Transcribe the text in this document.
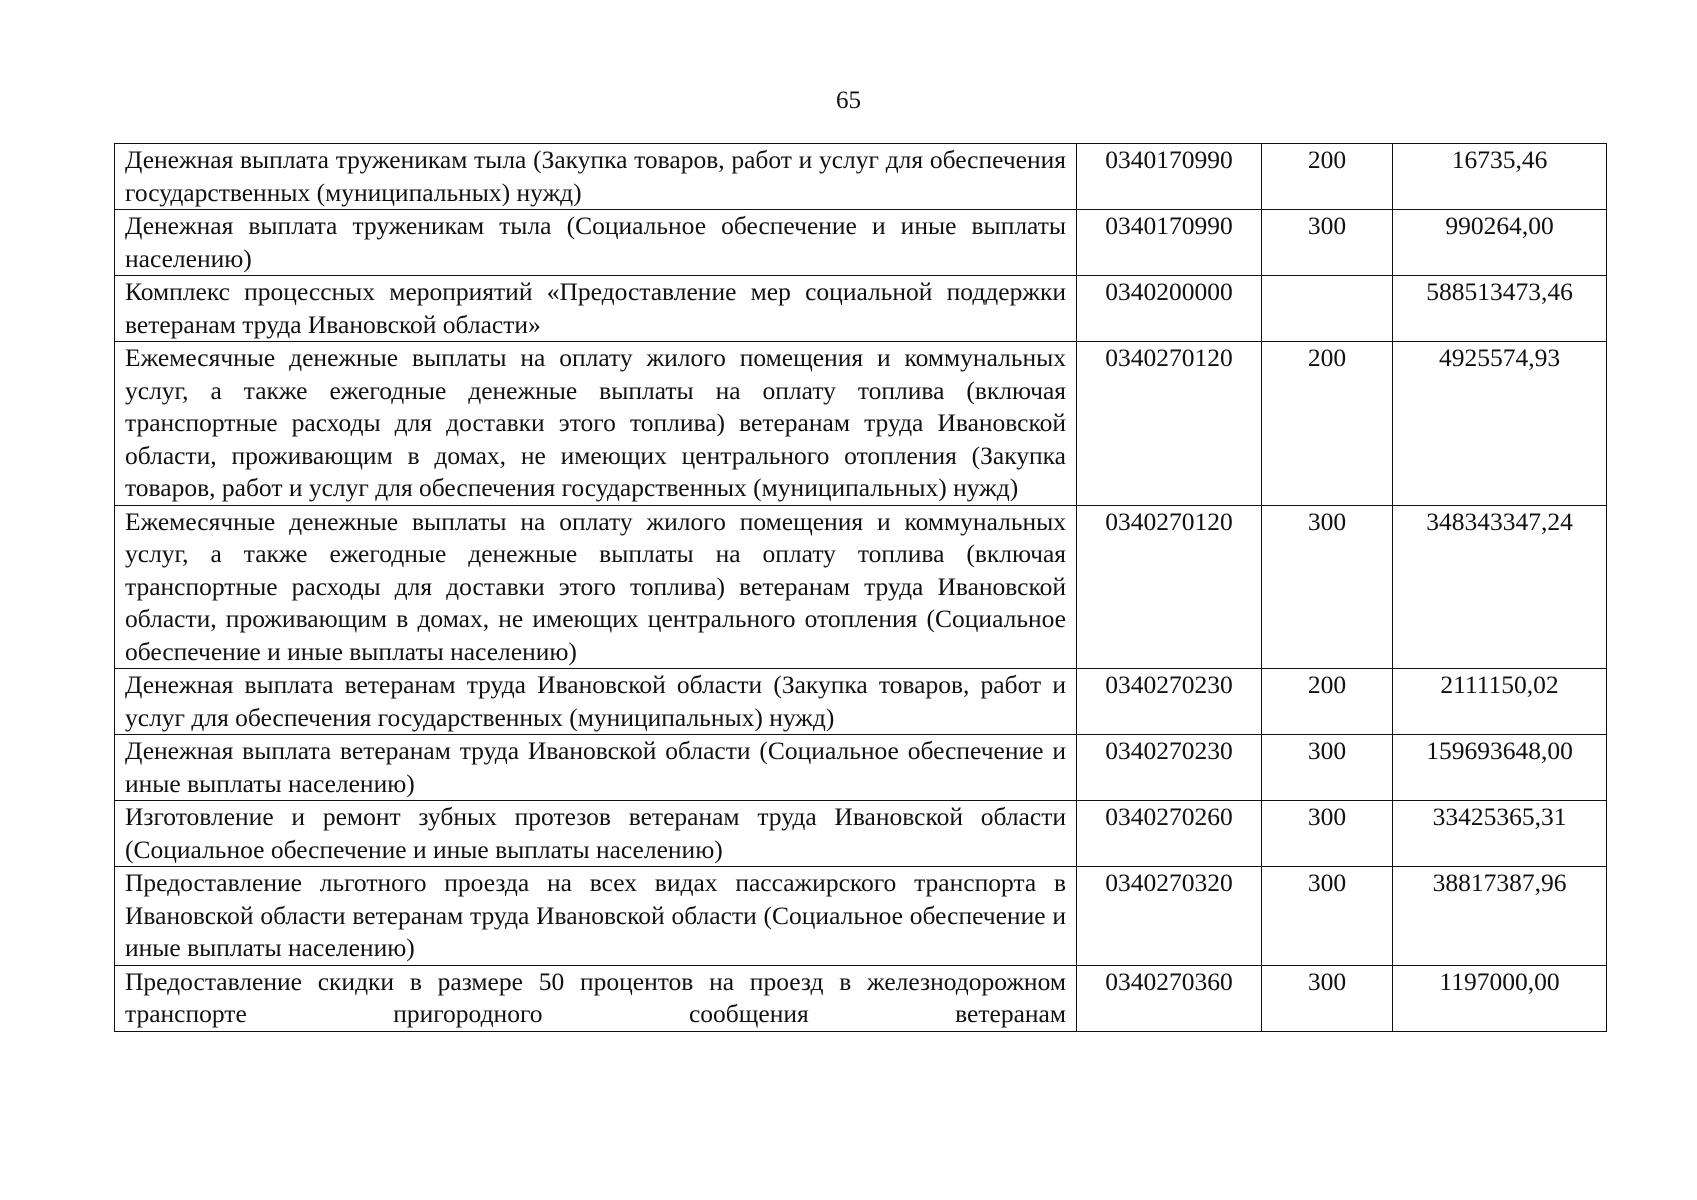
65
Денежная выплата труженикам тыла (Закупка товаров, работ и услуг для обеспечения государственных (муниципальных) нужд)	0340170990	200	16735,46
Денежная выплата труженикам тыла (Социальное обеспечение и иные выплаты населению)	0340170990	300	990264,00
Комплекс процессных мероприятий «Предоставление мер социальной поддержки ветеранам труда Ивановской области»	0340200000		588513473,46
Ежемесячные денежные выплаты на оплату жилого помещения и коммунальных услуг, а также ежегодные денежные выплаты на оплату топлива (включая транспортные расходы для доставки этого топлива) ветеранам труда Ивановской области, проживающим в домах, не имеющих центрального отопления (Закупка товаров, работ и услуг для обеспечения государственных (муниципальных) нужд)	0340270120	200	4925574,93
Ежемесячные денежные выплаты на оплату жилого помещения и коммунальных услуг, а также ежегодные денежные выплаты на оплату топлива (включая транспортные расходы для доставки этого топлива) ветеранам труда Ивановской области, проживающим в домах, не имеющих центрального отопления (Социальное обеспечение и иные выплаты населению)	0340270120	300	348343347,24
Денежная выплата ветеранам труда Ивановской области (Закупка товаров, работ и услуг для обеспечения государственных (муниципальных) нужд)	0340270230	200	2111150,02
Денежная выплата ветеранам труда Ивановской области (Социальное обеспечение и иные выплаты населению)	0340270230	300	159693648,00
Изготовление и ремонт зубных протезов ветеранам труда Ивановской области (Социальное обеспечение и иные выплаты населению)	0340270260	300	33425365,31
Предоставление льготного проезда на всех видах пассажирского транспорта в Ивановской области ветеранам труда Ивановской области (Социальное обеспечение и иные выплаты населению)	0340270320	300	38817387,96
Предоставление скидки в размере 50 процентов на проезд в железнодорожном транспорте пригородного сообщения ветеранам	0340270360	300	1197000,00
